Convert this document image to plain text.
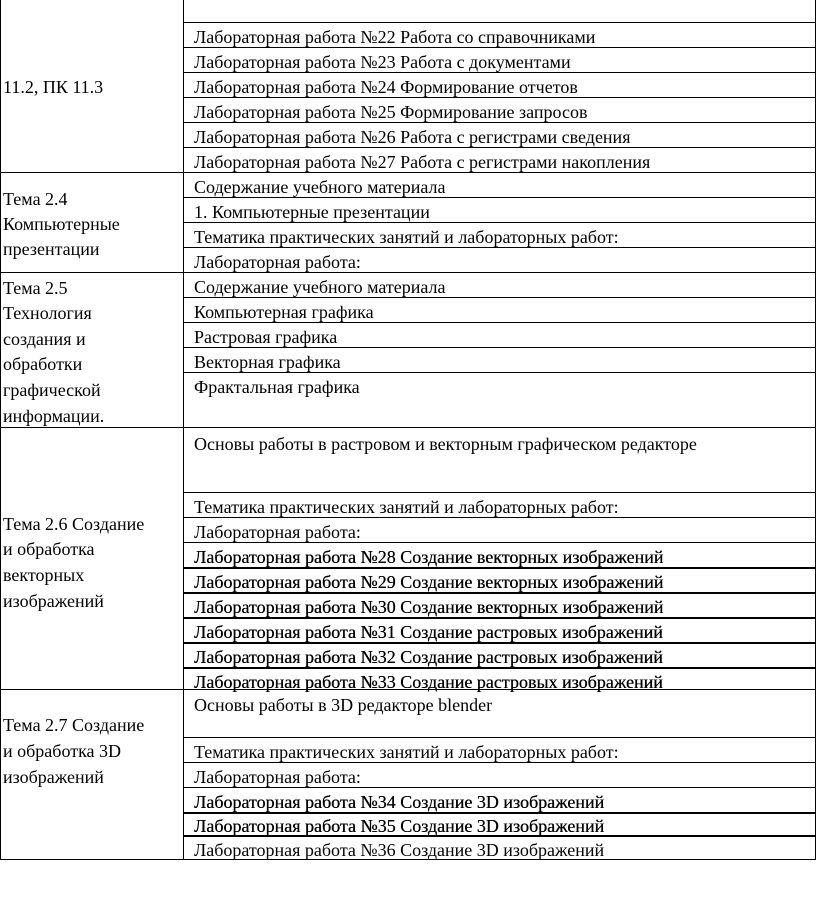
11.2, ПК 11.3
Лабораторная работа №22 Работа со справочниками
Лабораторная работа №23 Работа с документами
Лабораторная работа №24 Формирование отчетов
Лабораторная работа №25 Формирование запросов
Лабораторная работа №26 Работа с регистрами сведения
Лабораторная работа №27 Работа с регистрами накопления
Тема 2.4
Компьютерные
презентации
Содержание учебного материала
1. Компьютерные презентации
Тематика практических занятий и лабораторных работ:
Лабораторная работа:
Тема 2.5
Технология
создания и
обработки
графической
информации.
Содержание учебного материала
Компьютерная графика
Растровая графика
Векторная графика
Фрактальная графика
Тема 2.6 Создание
и обработка
векторных
изображений
Основы работы в растровом и векторным графическом редакторе
Тематика практических занятий и лабораторных работ:
Лабораторная работа:
Лабораторная работа №28 Создание векторных изображений
Лабораторная работа №29 Создание векторных изображений
Лабораторная работа №30 Создание векторных изображений
Лабораторная работа №31 Создание растровых изображений
Лабораторная работа №32 Создание растровых изображений
Лабораторная работа №33 Создание растровых изображений
Тема 2.7 Создание
и обработка 3D
изображений
Основы работы в 3D редакторе blender
Тематика практических занятий и лабораторных работ:
Лабораторная работа:
Лабораторная работа №34 Создание 3D изображений
Лабораторная работа №35 Создание 3D изображений
Лабораторная работа №36 Создание 3D изображений
